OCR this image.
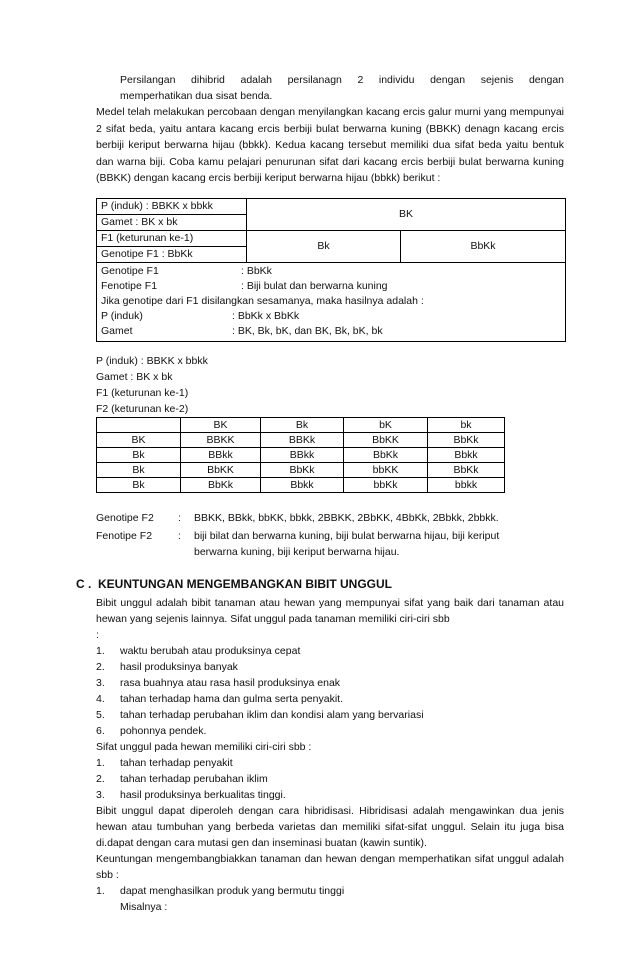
Persilangan dihibrid adalah persilanagn 2 individu dengan sejenis dengan

memperhatikan dua sisat benda.

Medel telah melakukan percobaan dengan menyilangkan kacang ercis galur murni yang mempunyai 2 sifat beda, yaitu antara kacang ercis berbiji bulat berwarna kuning (BBKK) denagn kacang ercis berbiji keriput berwarna hijau (bbkk). Kedua kacang tersebut memiliki dua sifat beda yaitu bentuk dan warna biji. Coba kamu pelajari penurunan sifat dari kacang ercis berbiji bulat berwarna kuning (BBKK) dengan kacang ercis berbiji keriput berwarna hijau (bbkk) berikut :

P (induk) : BBKK x bbkk	BK	
Gamet : BK x bk		
F1 (keturunan ke-1)	Bk	BbKk
Genotipe F1 : BbKk		

Genotipe F1 : BbKk
Fenotipe F1 : Biji bulat dan berwarna kuning
Jika genotipe dari F1 disilangkan sesamanya, maka hasilnya adalah :
P (induk) : BbKk x BbKk
Gamet : BK, Bk, bK, dan BK, Bk, bK, bk		

P (induk) : BBKK x bbkk

Gamet : BK x bk

F1 (keturunan ke-1)

F2 (keturunan ke-2)

	BK	Bk	bK	bk
BK	BBKK	BBKk	BbKK	BbKk
Bk	BBkk	BBkk	BbKk	Bbkk
Bk	BbKK	BbKk	bbKK	BbKk
Bk	BbKk	Bbkk	bbKk	bbkk
Genotipe F2	:	BBKK, BBkk, bbKK, bbkk, 2BBKK, 2BbKK, 4BbKk, 2Bbkk, 2bbkk.
Fenotipe F2	:	biji bilat dan berwarna kuning, biji bulat berwarna hijau, biji keriput
berwarna kuning, biji keriput berwarna hijau.
C . KEUNTUNGAN MENGEMBANGKAN BIBIT UNGGUL

Bibit unggul adalah bibit tanaman atau hewan yang mempunyai sifat yang baik dari tanaman atau hewan yang sejenis lainnya. Sifat unggul pada tanaman memiliki ciri-ciri sbb

:

1.	waktu berubah atau produksinya cepat
2.	hasil produksinya banyak
3.	rasa buahnya atau rasa hasil produksinya enak
4.	tahan terhadap hama dan gulma serta penyakit.
5.	tahan terhadap perubahan iklim dan kondisi alam yang bervariasi
6.	pohonnya pendek.

Sifat unggul pada hewan memiliki ciri-ciri sbb :

1.	tahan terhadap penyakit
2.	tahan terhadap perubahan iklim
3.	hasil produksinya berkualitas tinggi.

Bibit unggul dapat diperoleh dengan cara hibridisasi. Hibridisasi adalah mengawinkan dua jenis hewan atau tumbuhan yang berbeda varietas dan memiliki sifat-sifat unggul. Selain itu juga bisa di.dapat dengan cara mutasi gen dan inseminasi buatan (kawin suntik).

Keuntungan mengembangbiakkan tanaman dan hewan dengan memperhatikan sifat unggul adalah sbb :

1.	dapat menghasilkan produk yang bermutu tinggi

Misalnya :
